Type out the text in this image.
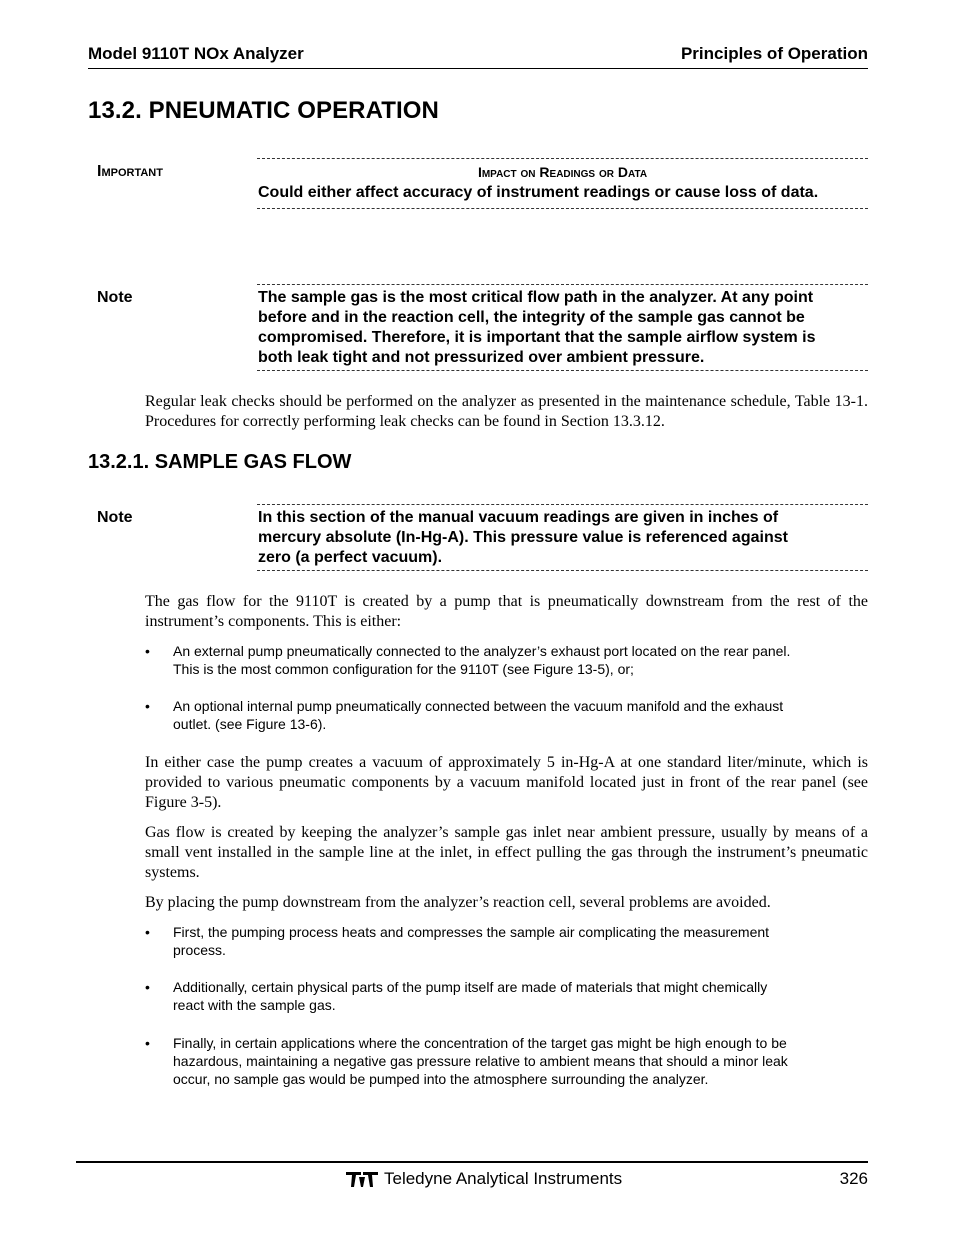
Model 9110T NOx Analyzer	Principles of Operation
13.2. PNEUMATIC OPERATION
Important	Impact on Readings or Data
Could either affect accuracy of instrument readings or cause loss of data.
Note	The sample gas is the most critical flow path in the analyzer. At any point
before and in the reaction cell, the integrity of the sample gas cannot be
compromised. Therefore, it is important that the sample airflow system is
both leak tight and not pressurized over ambient pressure.

Regular leak checks should be performed on the analyzer as presented in the maintenance schedule, Table 13-1. Procedures for correctly performing leak checks can be found in Section 13.3.12.

13.2.1. SAMPLE GAS FLOW
Note	In this section of the manual vacuum readings are given in inches of
mercury absolute (In-Hg-A). This pressure value is referenced against
zero (a perfect vacuum).

The gas flow for the 9110T is created by a pump that is pneumatically downstream from the rest of the instrument’s components. This is either:

• An external pump pneumatically connected to the analyzer’s exhaust port located on the rear panel.
This is the most common configuration for the 9110T (see Figure 13-5), or;
• An optional internal pump pneumatically connected between the vacuum manifold and the exhaust
outlet. (see Figure 13-6).

In either case the pump creates a vacuum of approximately 5 in-Hg-A at one standard liter/minute, which is provided to various pneumatic components by a vacuum manifold located just in front of the rear panel (see Figure 3-5).

Gas flow is created by keeping the analyzer’s sample gas inlet near ambient pressure, usually by means of a small vent installed in the sample line at the inlet, in effect pulling the gas through the instrument’s pneumatic systems.

By placing the pump downstream from the analyzer’s reaction cell, several problems are avoided.

• First, the pumping process heats and compresses the sample air complicating the measurement
process.
• Additionally, certain physical parts of the pump itself are made of materials that might chemically
react with the sample gas.
• Finally, in certain applications where the concentration of the target gas might be high enough to be
hazardous, maintaining a negative gas pressure relative to ambient means that should a minor leak
occur, no sample gas would be pumped into the atmosphere surrounding the analyzer.
Teledyne Analytical Instruments	326
